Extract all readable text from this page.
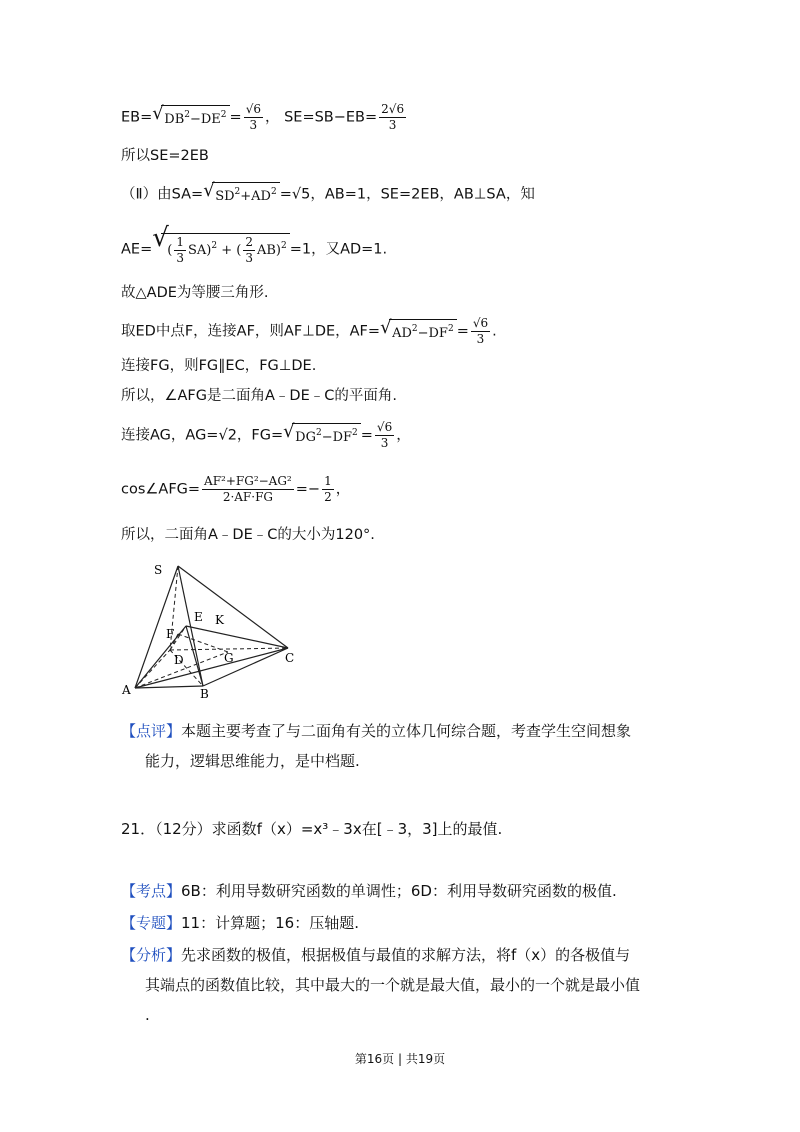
EB= √ $DB^2-DE^2 = \frac{√6}{3}$ ， $SE=SB-EB= \frac{2√6}{3}$
所以SE=2EB
（Ⅱ）由SA= √ $SD^2+AD^2 =√5$，AB=1，SE=2EB，AB⊥SA，知
AE= √
( $\frac{1}{3} SA)^2$ + ( $\frac{2}{3} AB)^2 =1$，又AD=1.
故△ADE为等腰三角形.
取ED中点F，连接AF，则AF⊥DE，AF= √ $AD^2-DF^2 = \frac{√6}{3}$ .
连接FG，则FG∥EC，FG⊥DE.
所以，∠AFG是二面角A﹣DE﹣C的平面角.
连接AG，AG=√2，FG= √ $DG^2-DF^2 = \frac{√6}{3}$ ，
cos∠AFG= $\frac{\text{AF²+FG²−AG²}}{2\cdot AF\cdot FG} =- \frac{1}{2}$ ，
所以，二面角A﹣DE﹣C的大小为120°.
S
E K
F
D	G	C
A	B
【点评】本题主要考查了与二面角有关的立体几何综合题，考查学生空间想象
能力，逻辑思维能力，是中档题.
21．（12分）求函数f（x）=x³﹣3x在[﹣3，3]上的最值.
【考点】6B：利用导数研究函数的单调性；6D：利用导数研究函数的极值.
【专题】11：计算题；16：压轴题.
【分析】先求函数的极值，根据极值与最值的求解方法，将f（x）的各极值与
其端点的函数值比较，其中最大的一个就是最大值，最小的一个就是最小值
.
第16页 | 共19页
